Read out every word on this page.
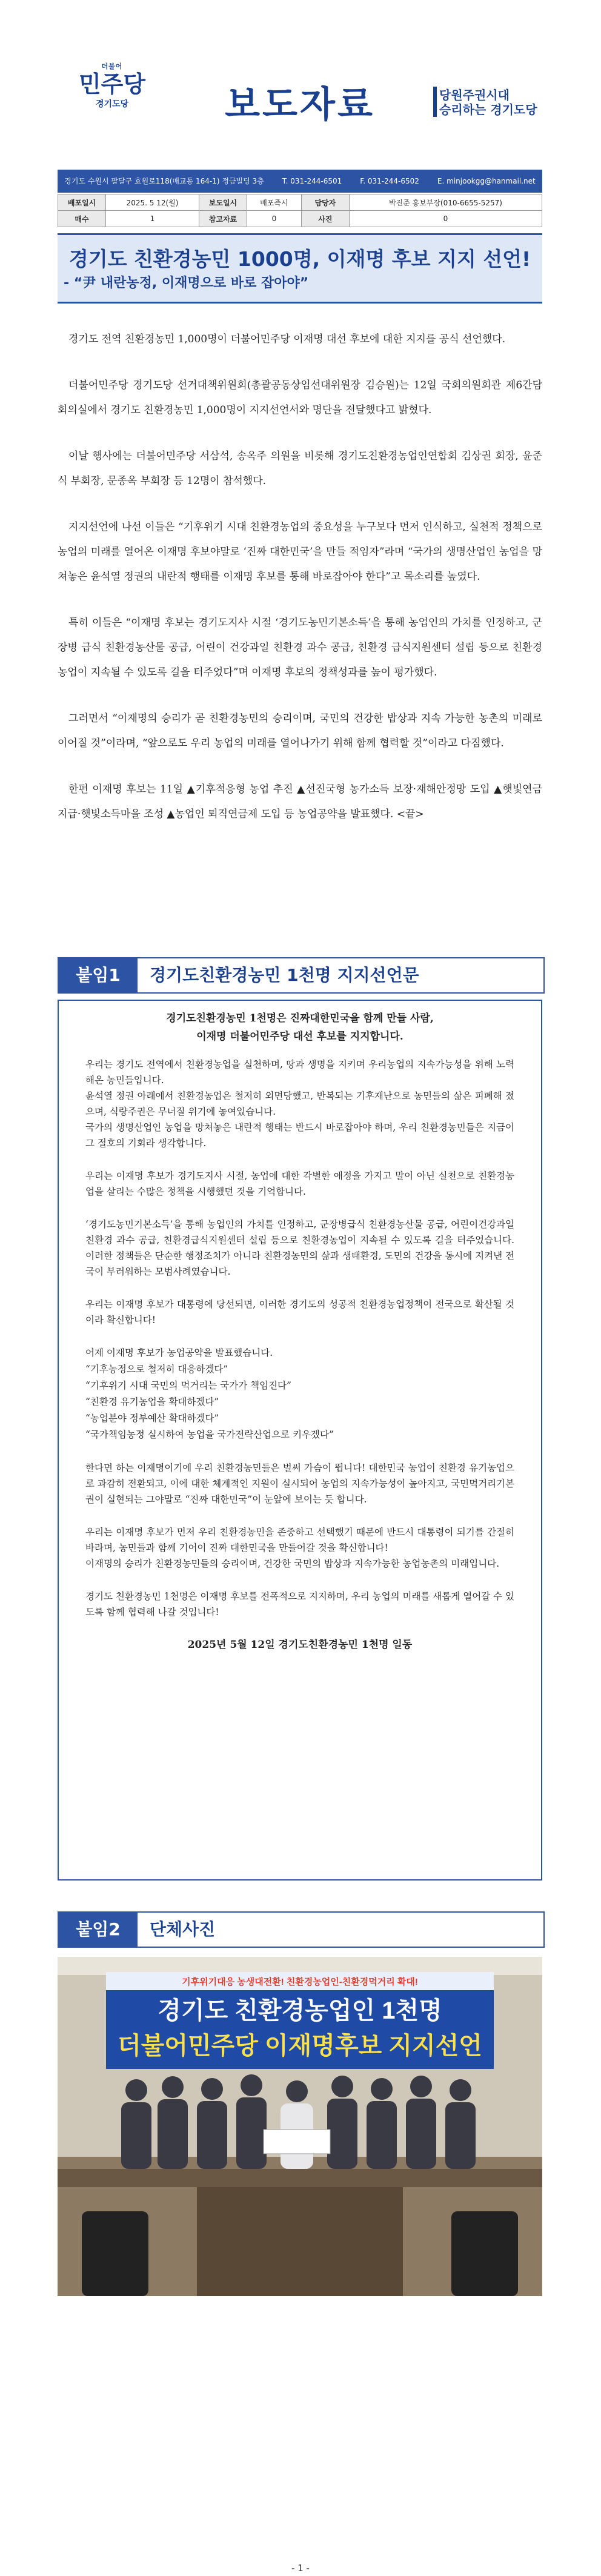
더불어
민주당
경기도당	보도자료	당원주권시대
승리하는 경기도당
경기도 수원시 팔달구 효원로118(매교동 164-1) 정금빌딩 3층	T. 031-244-6501	F. 031-244-6502	E. minjookgg@hanmail.net
배포일시	2025. 5 12(월)	보도일시	배포즉시	담당자	박진준 홍보부장(010-6655-5257)
매수	1	참고자료	0	사진	0
경기도 친환경농민 1000명, 이재명 후보 지지 선언!
- “尹 내란농정, 이재명으로 바로 잡아야”

경기도 전역 친환경농민 1,000명이 더불어민주당 이재명 대선 후보에 대한 지지를 공식 선언했다.

더불어민주당 경기도당 선거대책위원회(총괄공동상임선대위원장 김승원)는 12일 국회의원회관 제6간담회의실에서 경기도 친환경농민 1,000명이 지지선언서와 명단을 전달했다고 밝혔다.

이날 행사에는 더불어민주당 서삼석, 송옥주 의원을 비롯해 경기도친환경농업인연합회 김상권 회장, 윤준식 부회장, 문종옥 부회장 등 12명이 참석했다.

지지선언에 나선 이들은 “기후위기 시대 친환경농업의 중요성을 누구보다 먼저 인식하고, 실천적 정책으로 농업의 미래를 열어온 이재명 후보야말로 ‘진짜 대한민국’을 만들 적임자”라며 “국가의 생명산업인 농업을 망쳐놓은 윤석열 정권의 내란적 행태를 이재명 후보를 통해 바로잡아야 한다”고 목소리를 높였다.

특히 이들은 “이재명 후보는 경기도지사 시절 ‘경기도농민기본소득’을 통해 농업인의 가치를 인정하고, 군장병 급식 친환경농산물 공급, 어린이 건강과일 친환경 과수 공급, 친환경 급식지원센터 설립 등으로 친환경농업이 지속될 수 있도록 길을 터주었다”며 이재명 후보의 정책성과를 높이 평가했다.

그러면서 “이재명의 승리가 곧 친환경농민의 승리이며, 국민의 건강한 밥상과 지속 가능한 농촌의 미래로 이어질 것”이라며, “앞으로도 우리 농업의 미래를 열어나가기 위해 함께 협력할 것”이라고 다짐했다.

한편 이재명 후보는 11일 ▲기후적응형 농업 추진 ▲선진국형 농가소득 보장·재해안정망 도입 ▲햇빛연금 지급·햇빛소득마을 조성 ▲농업인 퇴직연금제 도입 등 농업공약을 발표했다. <끝>

붙임1	경기도친환경농민 1천명 지지선언문
경기도친환경농민 1천명은 진짜대한민국을 함께 만들 사람,
이재명 더불어민주당 대선 후보를 지지합니다.

우리는 경기도 전역에서 친환경농업을 실천하며, 땅과 생명을 지키며 우리농업의 지속가능성을 위해 노력해온 농민들입니다.
윤석열 정권 아래에서 친환경농업은 철저히 외면당했고, 반복되는 기후재난으로 농민들의 삶은 피폐해 졌으며, 식량주권은 무너질 위기에 놓여있습니다.
국가의 생명산업인 농업을 망쳐놓은 내란적 행태는 반드시 바로잡아야 하며, 우리 친환경농민들은 지금이 그 절호의 기회라 생각합니다.

우리는 이재명 후보가 경기도지사 시절, 농업에 대한 각별한 애정을 가지고 말이 아닌 실천으로 친환경농업을 살리는 수많은 정책을 시행했던 것을 기억합니다.

‘경기도농민기본소득’을 통해 농업인의 가치를 인정하고, 군장병급식 친환경농산물 공급, 어린이건강과일 친환경 과수 공급, 친환경급식지원센터 설립 등으로 친환경농업이 지속될 수 있도록 길을 터주었습니다. 이러한 정책들은 단순한 행정조치가 아니라 친환경농민의 삶과 생태환경, 도민의 건강을 동시에 지켜낸 전국이 부러워하는 모범사례였습니다.

우리는 이재명 후보가 대통령에 당선되면, 이러한 경기도의 성공적 친환경농업정책이 전국으로 확산될 것이라 확신합니다!

어제 이재명 후보가 농업공약을 발표했습니다.
“기후농정으로 철저히 대응하겠다”
“기후위기 시대 국민의 먹거리는 국가가 책임진다”
“친환경 유기농업을 확대하겠다”
“농업분야 정부예산 확대하겠다”
“국가책임농정 실시하여 농업을 국가전략산업으로 키우겠다”

한다면 하는 이재명이기에 우리 친환경농민들은 벌써 가슴이 뜁니다! 대한민국 농업이 친환경 유기농업으로 과감히 전환되고, 이에 대한 체계적인 지원이 실시되어 농업의 지속가능성이 높아지고, 국민먹거리기본권이 실현되는 그야말로 “진짜 대한민국”이 눈앞에 보이는 듯 합니다.

우리는 이재명 후보가 먼저 우리 친환경농민을 존중하고 선택했기 때문에 반드시 대통령이 되기를 간절히 바라며, 농민들과 함께 기어이 진짜 대한민국을 만들어갈 것을 확신합니다!
이재명의 승리가 친환경농민들의 승리이며, 건강한 국민의 밥상과 지속가능한 농업농촌의 미래입니다.

경기도 친환경농민 1천명은 이재명 후보를 전폭적으로 지지하며, 우리 농업의 미래를 새롭게 열어갈 수 있도록 함께 협력해 나갈 것입니다!

2025년 5월 12일 경기도친환경농민 1천명 일동
붙임2	단체사진
기후위기대응 농생대전환! 친환경농업인-친환경먹거리 확대!
경기도 친환경농업인 1천명
더불어민주당 이재명후보 지지선언
- 1 -
